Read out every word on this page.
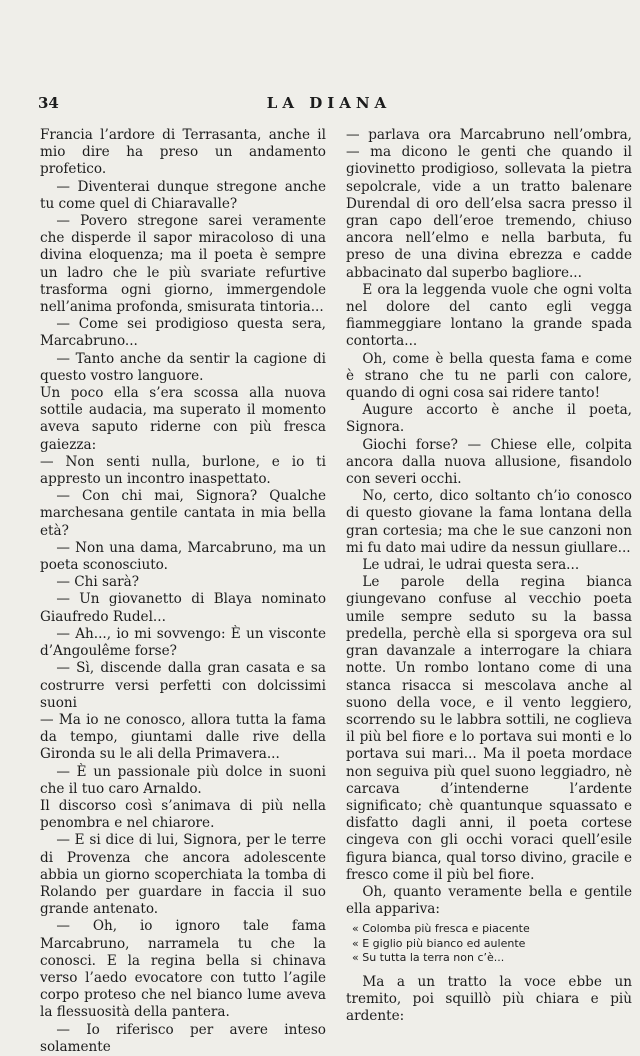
34	LA DIANA

Francia l’ardore di Terrasanta, anche il mio dire ha preso un andamento profetico.

— Diventerai dunque stregone anche tu come quel di Chiaravalle?

— Povero stregone sarei veramente che disperde il sapor miracoloso di una divina eloquenza; ma il poeta è sempre un ladro che le più svariate refurtive trasforma ogni giorno, immergendole nell’anima profonda, smisurata tintoria...

— Come sei prodigioso questa sera, Marcabruno...

— Tanto anche da sentir la cagione di questo vostro languore.

Un poco ella s’era scossa alla nuova sottile audacia, ma superato il momento aveva saputo riderne con più fresca gaiezza:

— Non senti nulla, burlone, e io ti appresto un incontro inaspettato.

— Con chi mai, Signora? Qualche marchesana gentile cantata in mia bella età?

— Non una dama, Marcabruno, ma un poeta sconosciuto.

— Chi sarà?

— Un giovanetto di Blaya nominato Giaufredo Rudel...

— Ah..., io mi sovvengo: È un visconte d’Angoulême forse?

— Sì, discende dalla gran casata e sa costrurre versi perfetti con dolcissimi suoni

— Ma io ne conosco, allora tutta la fama da tempo, giuntami dalle rive della Gironda su le ali della Primavera...

— È un passionale più dolce in suoni che il tuo caro Arnaldo.

Il discorso così s’animava di più nella penombra e nel chiarore.

— E si dice di lui, Signora, per le terre di Provenza che ancora adolescente abbia un giorno scoperchiata la tomba di Rolando per guardare in faccia il suo grande antenato.

— Oh, io ignoro tale fama Marcabruno, narramela tu che la conosci. E la regina bella si chinava verso l’aedo evocatore con tutto l’agile corpo proteso che nel bianco lume aveva la flessuosità della pantera.

— Io riferisco per avere inteso solamente

— parlava ora Marcabruno nell’ombra, — ma dicono le genti che quando il giovinetto prodigioso, sollevata la pietra sepolcrale, vide a un tratto balenare Durendal di oro dell’elsa sacra presso il gran capo dell’eroe tremendo, chiuso ancora nell’elmo e nella barbuta, fu preso de una divina ebrezza e cadde abbacinato dal superbo bagliore...

E ora la leggenda vuole che ogni volta nel dolore del canto egli vegga fiammeggiare lontano la grande spada contorta...

Oh, come è bella questa fama e come è strano che tu ne parli con calore, quando di ogni cosa sai ridere tanto!

Augure accorto è anche il poeta, Signora.

Giochi forse? — Chiese elle, colpita ancora dalla nuova allusione, fisandolo con severi occhi.

No, certo, dico soltanto ch’io conosco di questo giovane la fama lontana della gran cortesia; ma che le sue canzoni non mi fu dato mai udire da nessun giullare...

Le udrai, le udrai questa sera...

Le parole della regina bianca giungevano confuse al vecchio poeta umile sempre seduto su la bassa predella, perchè ella si sporgeva ora sul gran davanzale a interrogare la chiara notte. Un rombo lontano come di una stanca risacca si mescolava anche al suono della voce, e il vento leggiero, scorrendo su le labbra sottili, ne coglieva il più bel fiore e lo portava sui monti e lo portava sui mari... Ma il poeta mordace non seguiva più quel suono leggiadro, nè carcava d’intenderne l’ardente significato; chè quantunque squassato e disfatto dagli anni, il poeta cortese cingeva con gli occhi voraci quell’esile figura bianca, qual torso divino, gracile e fresco come il più bel fiore.

Oh, quanto veramente bella e gentile ella appariva:

« Colomba più fresca e piacente
« E giglio più bianco ed aulente
« Su tutta la terra non c’è...

Ma a un tratto la voce ebbe un tremito, poi squillò più chiara e più ardente:
